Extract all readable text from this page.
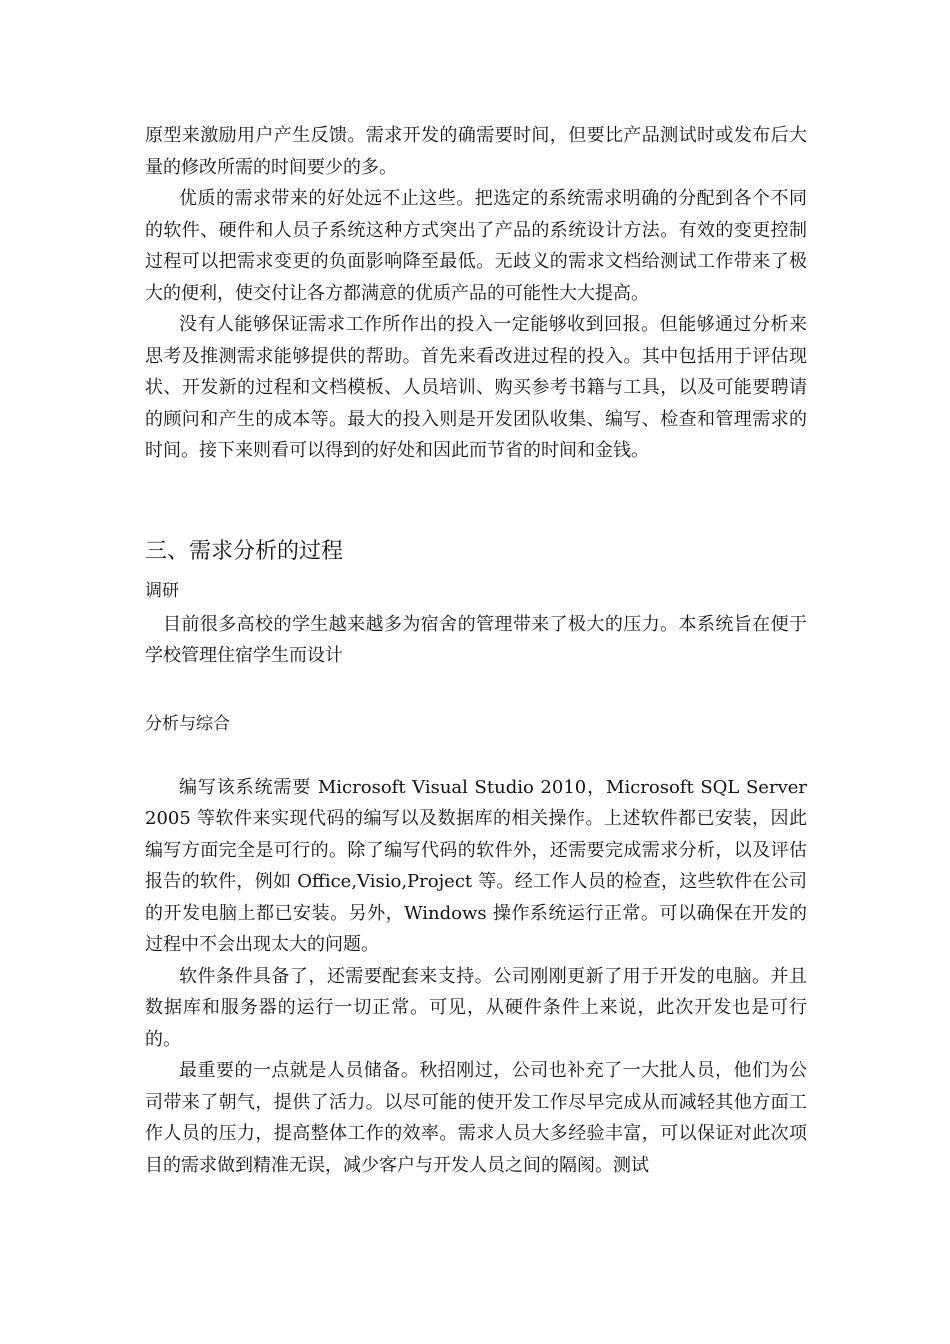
原型来激励用户产生反馈。需求开发的确需要时间，但要比产品测试时或发布后大量的修改所需的时间要少的多。

优质的需求带来的好处远不止这些。把选定的系统需求明确的分配到各个不同的软件、硬件和人员子系统这种方式突出了产品的系统设计方法。有效的变更控制过程可以把需求变更的负面影响降至最低。无歧义的需求文档给测试工作带来了极大的便利，使交付让各方都满意的优质产品的可能性大大提高。

没有人能够保证需求工作所作出的投入一定能够收到回报。但能够通过分析来思考及推测需求能够提供的帮助。首先来看改进过程的投入。其中包括用于评估现状、开发新的过程和文档模板、人员培训、购买参考书籍与工具，以及可能要聘请的顾问和产生的成本等。最大的投入则是开发团队收集、编写、检查和管理需求的时间。接下来则看可以得到的好处和因此而节省的时间和金钱。

三、需求分析的过程
调研

目前很多高校的学生越来越多为宿舍的管理带来了极大的压力。本系统旨在便于学校管理住宿学生而设计

分析与综合

编写该系统需要 Microsoft Visual Studio 2010，Microsoft SQL Server 2005 等软件来实现代码的编写以及数据库的相关操作。上述软件都已安装，因此编写方面完全是可行的。除了编写代码的软件外，还需要完成需求分析，以及评估报告的软件，例如 Office,Visio,Project 等。经工作人员的检查，这些软件在公司的开发电脑上都已安装。另外，Windows 操作系统运行正常。可以确保在开发的过程中不会出现太大的问题。

软件条件具备了，还需要配套来支持。公司刚刚更新了用于开发的电脑。并且数据库和服务器的运行一切正常。可见，从硬件条件上来说，此次开发也是可行的。

最重要的一点就是人员储备。秋招刚过，公司也补充了一大批人员，他们为公司带来了朝气，提供了活力。以尽可能的使开发工作尽早完成从而减轻其他方面工作人员的压力，提高整体工作的效率。需求人员大多经验丰富，可以保证对此次项目的需求做到精准无误，减少客户与开发人员之间的隔阂。测试
